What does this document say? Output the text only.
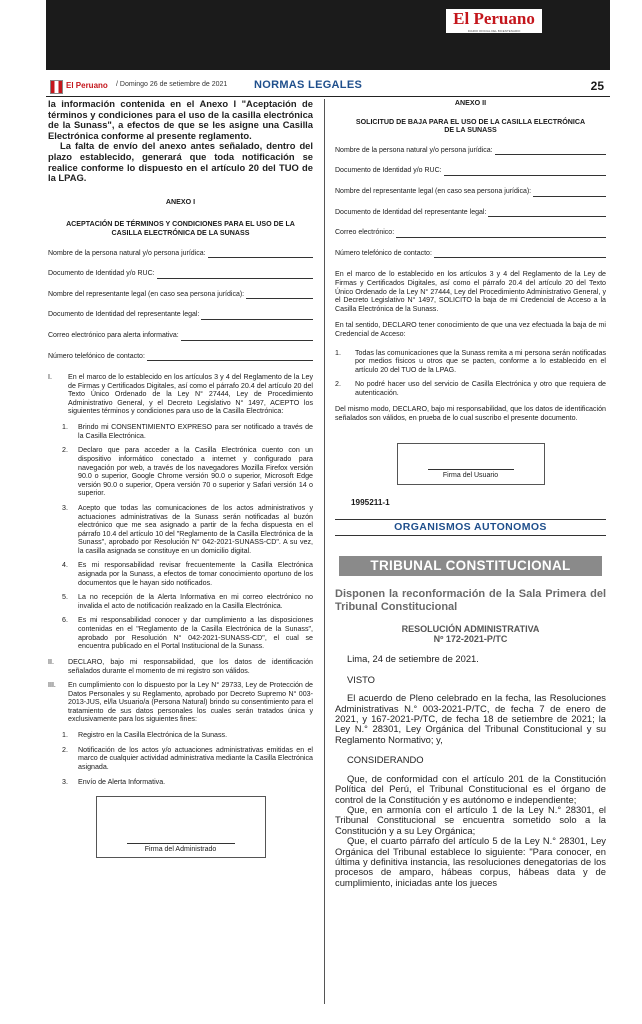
El Peruano
DIARIO OFICIAL DEL BICENTENARIO
El Peruano / Domingo 26 de setiembre de 2021 NORMAS LEGALES	25

la información contenida en el Anexo I "Aceptación de términos y condiciones para el uso de la casilla electrónica de la Sunass", a efectos de que se les asigne una Casilla Electrónica conforme al presente reglamento.

La falta de envío del anexo antes señalado, dentro del plazo establecido, generará que toda notificación se realice conforme lo dispuesto en el artículo 20 del TUO de la LPAG.

ANEXO I

ACEPTACIÓN DE TÉRMINOS Y CONDICIONES PARA EL USO DE LA CASILLA ELECTRÓNICA DE LA SUNASS

Nombre de la persona natural y/o persona jurídica:
Documento de Identidad y/o RUC:
Nombre del representante legal (en caso sea persona jurídica):
Documento de Identidad del representante legal:
Correo electrónico para alerta informativa:
Número telefónico de contacto:
I.	En el marco de lo establecido en los artículos 3 y 4 del Reglamento de la Ley de Firmas y Certificados Digitales, así como el párrafo 20.4 del artículo 20 del Texto Único Ordenado de la Ley N° 27444, Ley de Procedimiento Administrativo General, y el Decreto Legislativo N° 1497, ACEPTO los siguientes términos y condiciones para uso de la Casilla Electrónica:
1.	Brindo mi CONSENTIMIENTO EXPRESO para ser notificado a través de la Casilla Electrónica.
2.	Declaro que para acceder a la Casilla Electrónica cuento con un dispositivo informático conectado a internet y configurado para navegación por web, a través de los navegadores Mozilla Firefox versión 90.0 o superior, Google Chrome versión 90.0 o superior, Microsoft Edge versión 90.0 o superior, Opera versión 70 o superior y Safari versión 14 o superior.
3.	Acepto que todas las comunicaciones de los actos administrativos y actuaciones administrativas de la Sunass serán notificadas al buzón electrónico que me sea asignado a partir de la fecha dispuesta en el párrafo 10.4 del artículo 10 del "Reglamento de la Casilla Electrónica de la Sunass", aprobado por Resolución N° 042-2021-SUNASS-CD". A su vez, la casilla asignada se constituye en un domicilio digital.
4.	Es mi responsabilidad revisar frecuentemente la Casilla Electrónica asignada por la Sunass, a efectos de tomar conocimiento oportuno de los documentos que le hayan sido notificados.
5.	La no recepción de la Alerta Informativa en mi correo electrónico no invalida el acto de notificación realizado en la Casilla Electrónica.
6.	Es mi responsabilidad conocer y dar cumplimiento a las disposiciones contenidas en el "Reglamento de la Casilla Electrónica de la Sunass", aprobado por Resolución N° 042-2021-SUNASS-CD", el cual se encuentra publicado en el Portal Institucional de la Sunass.
II.	DECLARO, bajo mi responsabilidad, que los datos de identificación señalados durante el momento de mi registro son válidos.
III.	En cumplimiento con lo dispuesto por la Ley N° 29733, Ley de Protección de Datos Personales y su Reglamento, aprobado por Decreto Supremo N° 003-2013-JUS, el/la Usuario/a (Persona Natural) brindo su consentimiento para el tratamiento de sus datos personales los cuales serán tratados única y exclusivamente para los siguientes fines:
1.	Registro en la Casilla Electrónica de la Sunass.
2.	Notificación de los actos y/o actuaciones administrativas emitidas en el marco de cualquier actividad administrativa mediante la Casilla Electrónica asignada.
3.	Envío de Alerta Informativa.
Firma del Administrado

ANEXO II

SOLICITUD DE BAJA PARA EL USO DE LA CASILLA ELECTRÓNICA DE LA SUNASS

Nombre de la persona natural y/o persona jurídica:
Documento de Identidad y/o RUC:
Nombre del representante legal (en caso sea persona jurídica):
Documento de Identidad del representante legal:
Correo electrónico:
Número telefónico de contacto:

En el marco de lo establecido en los artículos 3 y 4 del Reglamento de la Ley de Firmas y Certificados Digitales, así como el párrafo 20.4 del artículo 20 del Texto Único Ordenado de la Ley N° 27444, Ley del Procedimiento Administrativo General, y el Decreto Legislativo N° 1497, SOLICITO la baja de mi Credencial de Acceso a la Casilla Electrónica de la Sunass.

En tal sentido, DECLARO tener conocimiento de que una vez efectuada la baja de mi Credencial de Acceso:

1.	Todas las comunicaciones que la Sunass remita a mi persona serán notificadas por medios físicos u otros que se pacten, conforme a lo establecido en el artículo 20 del TUO de la LPAG.
2.	No podré hacer uso del servicio de Casilla Electrónica y otro que requiera de autenticación.

Del mismo modo, DECLARO, bajo mi responsabilidad, que los datos de identificación señalados son válidos, en prueba de lo cual suscribo el presente documento.

Firma del Usuario

1995211-1

ORGANISMOS AUTONOMOS
TRIBUNAL CONSTITUCIONAL

Disponen la reconformación de la Sala Primera del Tribunal Constitucional

RESOLUCIÓN ADMINISTRATIVA

Nº 172-2021-P/TC

Lima, 24 de setiembre de 2021.

VISTO

El acuerdo de Pleno celebrado en la fecha, las Resoluciones Administrativas N.° 003-2021-P/TC, de fecha 7 de enero de 2021, y 167-2021-P/TC, de fecha 18 de setiembre de 2021; la Ley N.° 28301, Ley Orgánica del Tribunal Constitucional y su Reglamento Normativo; y,

CONSIDERANDO

Que, de conformidad con el artículo 201 de la Constitución Política del Perú, el Tribunal Constitucional es el órgano de control de la Constitución y es autónomo e independiente;

Que, en armonía con el artículo 1 de la Ley N.° 28301, el Tribunal Constitucional se encuentra sometido solo a la Constitución y a su Ley Orgánica;

Que, el cuarto párrafo del artículo 5 de la Ley N.° 28301, Ley Orgánica del Tribunal establece lo siguiente: "Para conocer, en última y definitiva instancia, las resoluciones denegatorias de los procesos de amparo, hábeas corpus, hábeas data y de cumplimiento, iniciadas ante los jueces
